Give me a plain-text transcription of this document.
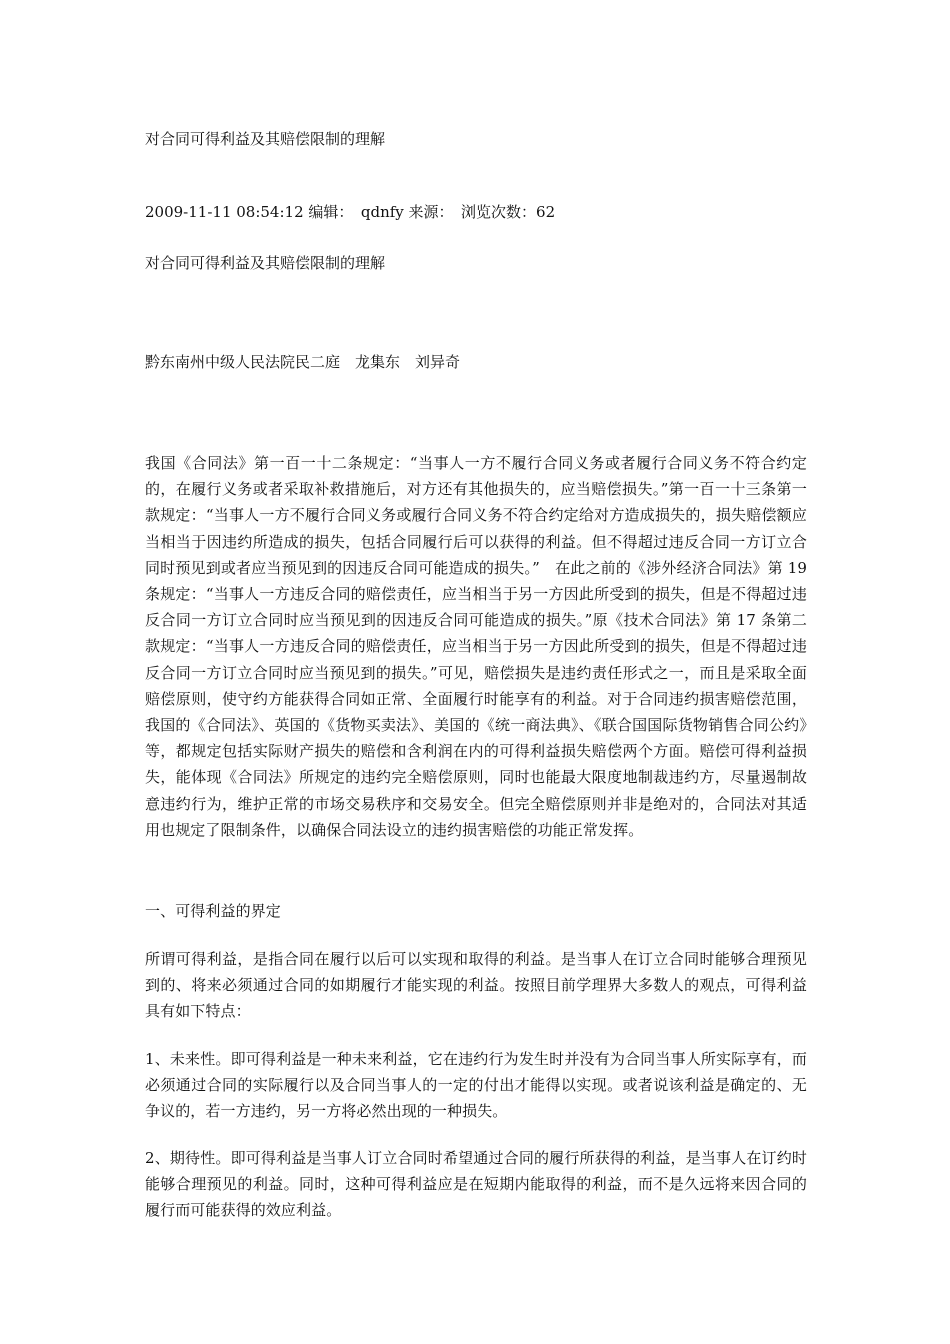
对合同可得利益及其赔偿限制的理解
2009-11-11 08:54:12 编辑：　qdnfy 来源：　浏览次数：62
对合同可得利益及其赔偿限制的理解
黔东南州中级人民法院民二庭　龙集东　刘异奇
我国《合同法》第一百一十二条规定：“当事人一方不履行合同义务或者履行合同义务不符合约定的，在履行义务或者采取补救措施后，对方还有其他损失的，应当赔偿损失。”第一百一十三条第一款规定：“当事人一方不履行合同义务或履行合同义务不符合约定给对方造成损失的，损失赔偿额应当相当于因违约所造成的损失，包括合同履行后可以获得的利益。但不得超过违反合同一方订立合同时预见到或者应当预见到的因违反合同可能造成的损失。”　在此之前的《涉外经济合同法》第 19 条规定：“当事人一方违反合同的赔偿责任，应当相当于另一方因此所受到的损失，但是不得超过违反合同一方订立合同时应当预见到的因违反合同可能造成的损失。”原《技术合同法》第 17 条第二款规定：“当事人一方违反合同的赔偿责任，应当相当于另一方因此所受到的损失，但是不得超过违反合同一方订立合同时应当预见到的损失。”可见，赔偿损失是违约责任形式之一，而且是采取全面赔偿原则，使守约方能获得合同如正常、全面履行时能享有的利益。对于合同违约损害赔偿范围，我国的《合同法》、英国的《货物买卖法》、美国的《统一商法典》、《联合国国际货物销售合同公约》等，都规定包括实际财产损失的赔偿和含利润在内的可得利益损失赔偿两个方面。赔偿可得利益损失，能体现《合同法》所规定的违约完全赔偿原则，同时也能最大限度地制裁违约方，尽量遏制故意违约行为，维护正常的市场交易秩序和交易安全。但完全赔偿原则并非是绝对的，合同法对其适用也规定了限制条件，以确保合同法设立的违约损害赔偿的功能正常发挥。
一、可得利益的界定
所谓可得利益，是指合同在履行以后可以实现和取得的利益。是当事人在订立合同时能够合理预见到的、将来必须通过合同的如期履行才能实现的利益。按照目前学理界大多数人的观点，可得利益具有如下特点：
1、未来性。即可得利益是一种未来利益，它在违约行为发生时并没有为合同当事人所实际享有，而必须通过合同的实际履行以及合同当事人的一定的付出才能得以实现。或者说该利益是确定的、无争议的，若一方违约，另一方将必然出现的一种损失。
2、期待性。即可得利益是当事人订立合同时希望通过合同的履行所获得的利益，是当事人在订约时能够合理预见的利益。同时，这种可得利益应是在短期内能取得的利益，而不是久远将来因合同的履行而可能获得的效应利益。
